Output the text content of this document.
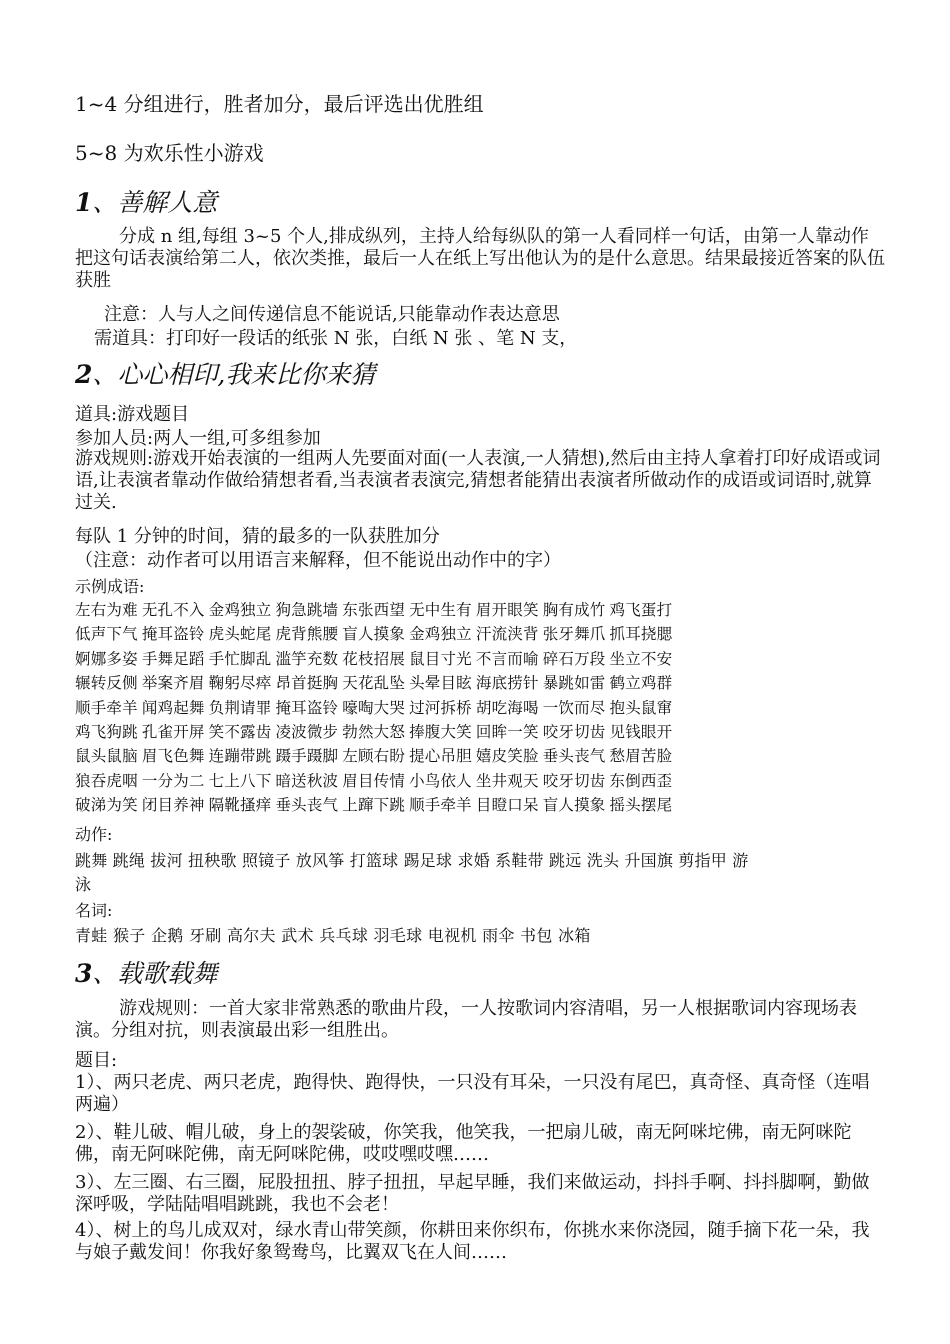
1~4 分组进行，胜者加分，最后评选出优胜组

5~8 为欢乐性小游戏

1、善解人意

分成 n 组,每组 3~5 个人,排成纵列，主持人给每纵队的第一人看同样一句话，由第一人靠动作把这句话表演给第二人，依次类推，最后一人在纸上写出他认为的是什么意思。结果最接近答案的队伍获胜

注意：人与人之间传递信息不能说话,只能靠动作表达意思

需道具：打印好一段话的纸张 N 张，白纸 N 张 、笔 N 支，

2、心心相印,我来比你来猜

道具:游戏题目

参加人员:两人一组,可多组参加

游戏规则:游戏开始表演的一组两人先要面对面(一人表演,一人猜想),然后由主持人拿着打印好成语或词语,让表演者靠动作做给猜想者看,当表演者表演完,猜想者能猜出表演者所做动作的成语或词语时,就算过关.

每队 1 分钟的时间，猜的最多的一队获胜加分

（注意：动作者可以用语言来解释，但不能说出动作中的字）

示例成语:

左右为难 无孔不入 金鸡独立 狗急跳墙 东张西望 无中生有 眉开眼笑 胸有成竹 鸡飞蛋打
低声下气 掩耳盗铃 虎头蛇尾 虎背熊腰 盲人摸象 金鸡独立 汗流浃背 张牙舞爪 抓耳挠腮
婀娜多姿 手舞足蹈 手忙脚乱 滥竽充数 花枝招展 鼠目寸光 不言而喻 碎石万段 坐立不安
辗转反侧 举案齐眉 鞠躬尽瘁 昂首挺胸 天花乱坠 头晕目眩 海底捞针 暴跳如雷 鹤立鸡群
顺手牵羊 闻鸡起舞 负荆请罪 掩耳盗铃 嚎啕大哭 过河拆桥 胡吃海喝 一饮而尽 抱头鼠窜
鸡飞狗跳 孔雀开屏 笑不露齿 凌波微步 勃然大怒 捧腹大笑 回眸一笑 咬牙切齿 见钱眼开
鼠头鼠脑 眉飞色舞 连蹦带跳 蹑手蹑脚 左顾右盼 提心吊胆 嬉皮笑脸 垂头丧气 愁眉苦脸
狼吞虎咽 一分为二 七上八下 暗送秋波 眉目传情 小鸟依人 坐井观天 咬牙切齿 东倒西歪
破涕为笑 闭目养神 隔靴搔痒 垂头丧气 上蹿下跳 顺手牵羊 目瞪口呆 盲人摸象 摇头摆尾

动作:

跳舞 跳绳 拔河 扭秧歌 照镜子 放风筝 打篮球 踢足球 求婚 系鞋带 跳远 洗头 升国旗 剪指甲 游

泳

名词:

青蛙 猴子 企鹅 牙刷 高尔夫 武术 兵乓球 羽毛球 电视机 雨伞 书包 冰箱

3、载歌载舞

游戏规则：一首大家非常熟悉的歌曲片段，一人按歌词内容清唱，另一人根据歌词内容现场表演。分组对抗，则表演最出彩一组胜出。

题目:

1）、两只老虎、两只老虎，跑得快、跑得快，一只没有耳朵，一只没有尾巴，真奇怪、真奇怪（连唱两遍）

2）、鞋儿破、帽儿破，身上的袈裟破，你笑我，他笑我，一把扇儿破，南无阿咪坨佛，南无阿咪陀佛，南无阿咪陀佛，南无阿咪陀佛，哎哎嘿哎嘿……

3）、左三圈、右三圈，屁股扭扭、脖子扭扭，早起早睡，我们来做运动，抖抖手啊、抖抖脚啊，勤做深呼吸，学陆陆唱唱跳跳，我也不会老！

4）、树上的鸟儿成双对，绿水青山带笑颜，你耕田来你织布，你挑水来你浇园，随手摘下花一朵，我与娘子戴发间！你我好象鸳鸯鸟，比翼双飞在人间……
